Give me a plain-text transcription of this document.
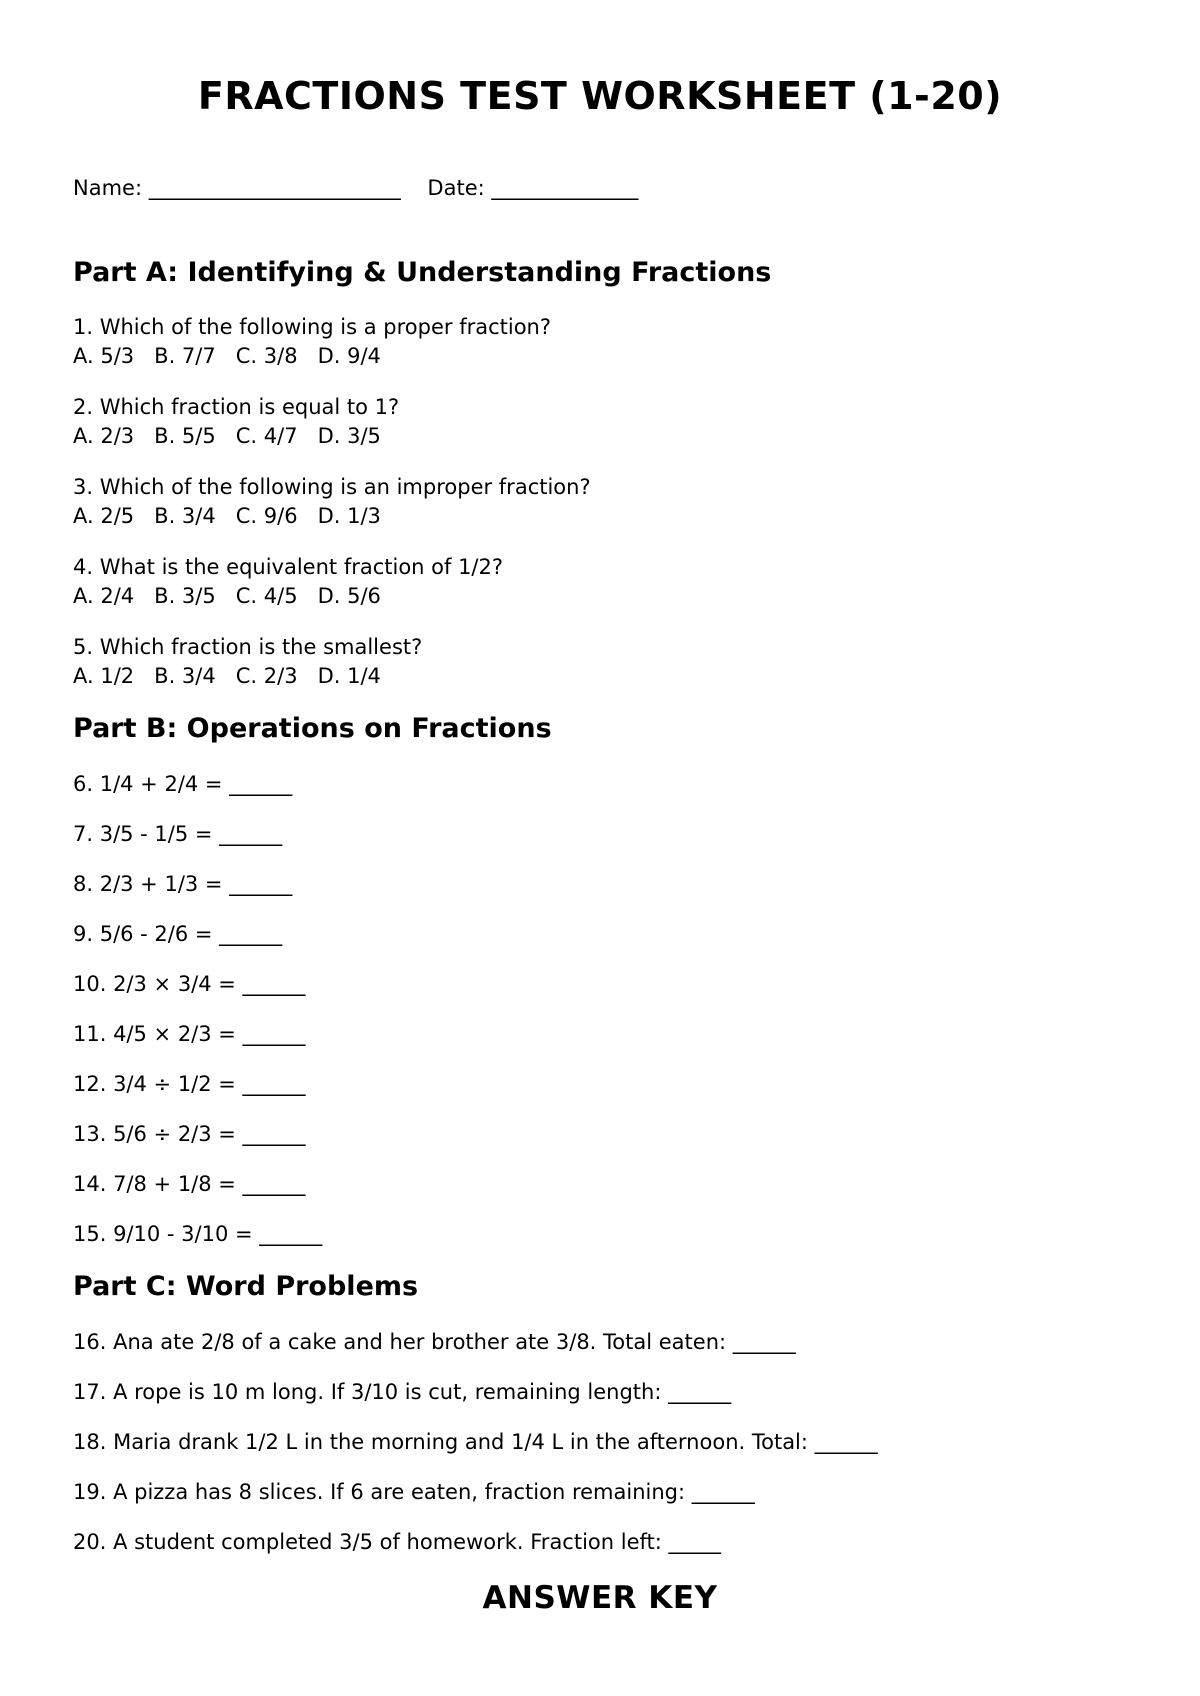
FRACTIONS TEST WORKSHEET (1-20)
Name: ________________________ Date: ______________
Part A: Identifying & Understanding Fractions
1. Which of the following is a proper fraction?
A. 5/3   B. 7/7   C. 3/8   D. 9/4
2. Which fraction is equal to 1?
A. 2/3   B. 5/5   C. 4/7   D. 3/5
3. Which of the following is an improper fraction?
A. 2/5   B. 3/4   C. 9/6   D. 1/3
4. What is the equivalent fraction of 1/2?
A. 2/4   B. 3/5   C. 4/5   D. 5/6
5. Which fraction is the smallest?
A. 1/2   B. 3/4   C. 2/3   D. 1/4
Part B: Operations on Fractions
6. 1/4 + 2/4 = ______
7. 3/5 - 1/5 = ______
8. 2/3 + 1/3 = ______
9. 5/6 - 2/6 = ______
10. 2/3 × 3/4 = ______
11. 4/5 × 2/3 = ______
12. 3/4 ÷ 1/2 = ______
13. 5/6 ÷ 2/3 = ______
14. 7/8 + 1/8 = ______
15. 9/10 - 3/10 = ______
Part C: Word Problems
16. Ana ate 2/8 of a cake and her brother ate 3/8. Total eaten: ______
17. A rope is 10 m long. If 3/10 is cut, remaining length: ______
18. Maria drank 1/2 L in the morning and 1/4 L in the afternoon. Total: ______
19. A pizza has 8 slices. If 6 are eaten, fraction remaining: ______
20. A student completed 3/5 of homework. Fraction left: _____
ANSWER KEY
